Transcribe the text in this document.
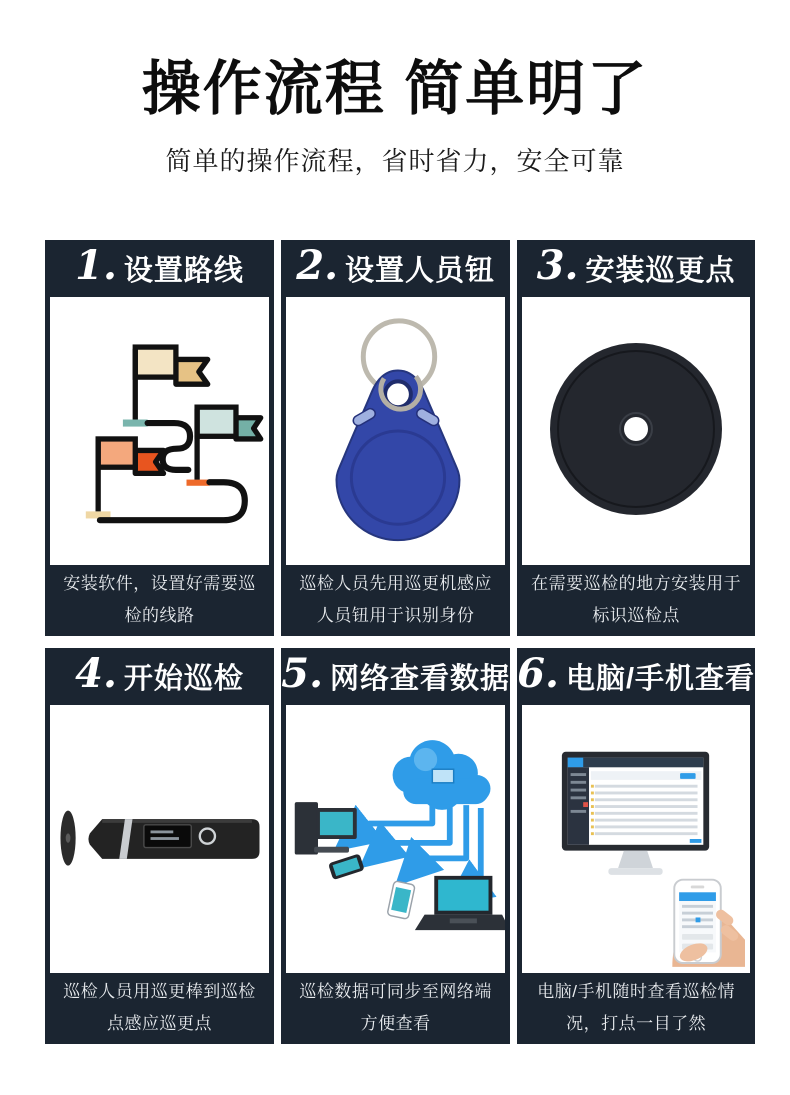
操作流程 简单明了

简单的操作流程，省时省力，安全可靠

1. 设置路线
安装软件，设置好需要巡检的线路
2. 设置人员钮
巡检人员先用巡更机感应人员钮用于识别身份
3. 安装巡更点
在需要巡检的地方安装用于标识巡检点
4. 开始巡检
巡检人员用巡更棒到巡检点感应巡更点
5. 网络查看数据
巡检数据可同步至网络端方便查看
6. 电脑/手机查看
电脑/手机随时查看巡检情况，打点一目了然
